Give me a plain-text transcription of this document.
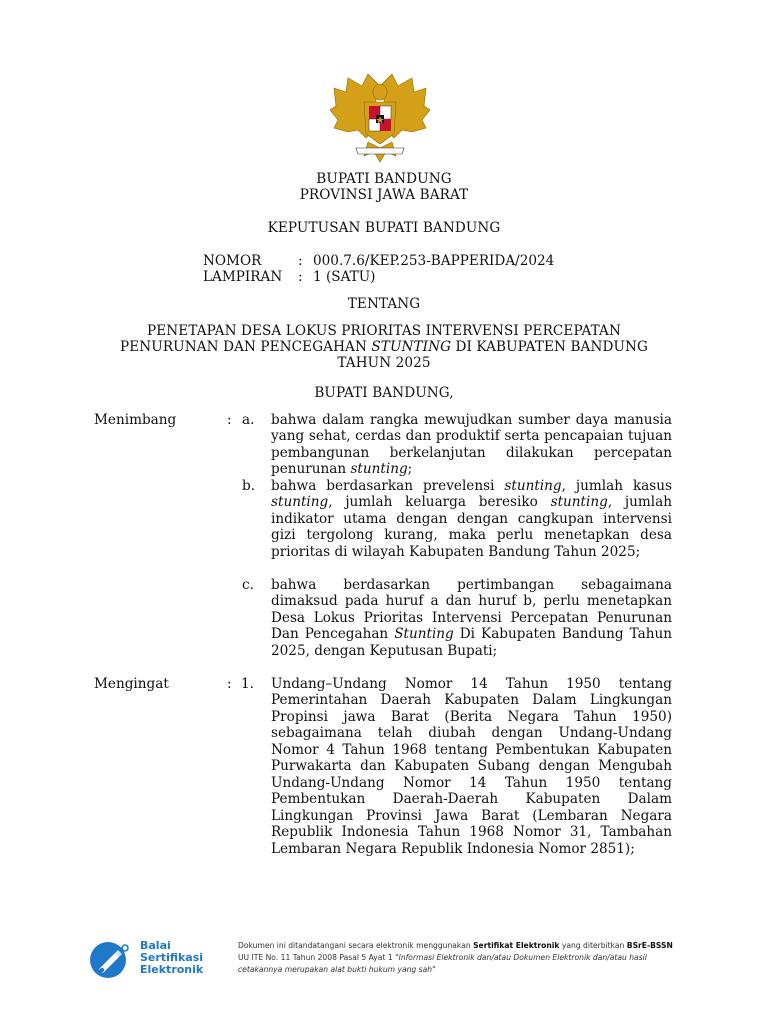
BUPATI BANDUNG
PROVINSI JAWA BARAT
KEPUTUSAN BUPATI BANDUNG
NOMOR	: 000.7.6/KEP.253-BAPPERIDA/2024
LAMPIRAN : 1 (SATU)
TENTANG
PENETAPAN DESA LOKUS PRIORITAS INTERVENSI PERCEPATAN
PENURUNAN DAN PENCEGAHAN STUNTING DI KABUPATEN BANDUNG
TAHUN 2025
BUPATI BANDUNG,
Menimbang	: a. bahwa dalam rangka mewujudkan sumber daya manusia yang sehat, cerdas dan produktif serta pencapaian tujuan pembangunan berkelanjutan dilakukan percepatan penurunan stunting;
b. bahwa berdasarkan prevelensi stunting, jumlah kasus stunting, jumlah keluarga beresiko stunting, jumlah indikator utama dengan dengan cangkupan intervensi gizi tergolong kurang, maka perlu menetapkan desa prioritas di wilayah Kabupaten Bandung Tahun 2025;
c. bahwa berdasarkan pertimbangan sebagaimana dimaksud pada huruf a dan huruf b, perlu menetapkan Desa Lokus Prioritas Intervensi Percepatan Penurunan Dan Pencegahan Stunting Di Kabupaten Bandung Tahun 2025, dengan Keputusan Bupati;
Mengingat	: 1. Undang–Undang Nomor 14 Tahun 1950 tentang Pemerintahan Daerah Kabupaten Dalam Lingkungan Propinsi jawa Barat (Berita Negara Tahun 1950) sebagaimana telah diubah dengan Undang-Undang Nomor 4 Tahun 1968 tentang Pembentukan Kabupaten Purwakarta dan Kabupaten Subang dengan Mengubah Undang-Undang Nomor 14 Tahun 1950 tentang Pembentukan Daerah-Daerah Kabupaten Dalam Lingkungan Provinsi Jawa Barat (Lembaran Negara Republik Indonesia Tahun 1968 Nomor 31, Tambahan Lembaran Negara Republik Indonesia Nomor 2851);
Balai
Sertifikasi
Elektronik
Dokumen ini ditandatangani secara elektronik menggunakan Sertifikat Elektronik yang diterbitkan BSrE-BSSN
UU ITE No. 11 Tahun 2008 Pasal 5 Ayat 1 "Informasi Elektronik dan/atau Dokumen Elektronik dan/atau hasil
cetakannya merupakan alat bukti hukum yang sah"
